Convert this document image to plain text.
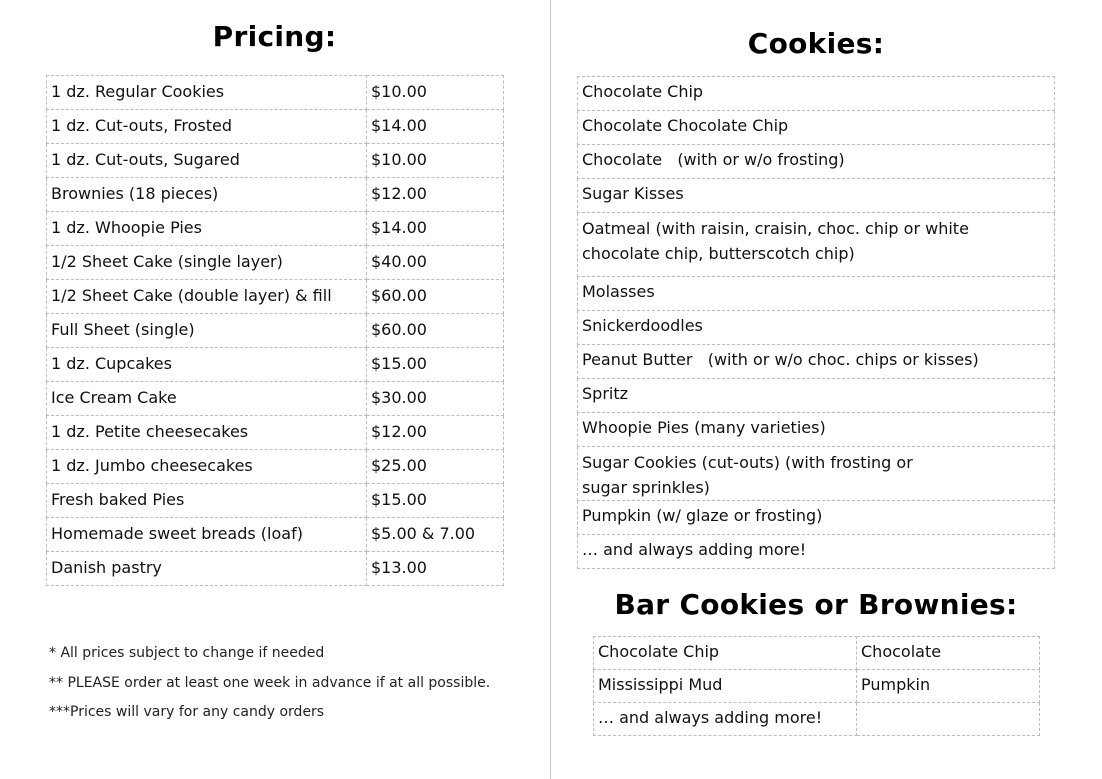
Pricing:
1 dz. Regular Cookies	$10.00
1 dz. Cut-outs, Frosted	$14.00
1 dz. Cut-outs, Sugared	$10.00
Brownies (18 pieces)	$12.00
1 dz. Whoopie Pies	$14.00
1/2 Sheet Cake (single layer)	$40.00
1/2 Sheet Cake (double layer) & fill	$60.00
Full Sheet (single)	$60.00
1 dz. Cupcakes	$15.00
Ice Cream Cake	$30.00
1 dz. Petite cheesecakes	$12.00
1 dz. Jumbo cheesecakes	$25.00
Fresh baked Pies	$15.00
Homemade sweet breads (loaf)	$5.00 & 7.00
Danish pastry	$13.00
* All prices subject to change if needed
** PLEASE order at least one week in advance if at all possible.
***Prices will vary for any candy orders
Cookies:
Chocolate Chip
Chocolate Chocolate Chip
Chocolate   (with or w/o frosting)
Sugar Kisses
Oatmeal (with raisin, craisin, choc. chip or white chocolate chip, butterscotch chip)
Molasses
Snickerdoodles
Peanut Butter   (with or w/o choc. chips or kisses)
Spritz
Whoopie Pies (many varieties)
Sugar Cookies (cut-outs) (with frosting or sugar sprinkles)
Pumpkin (w/ glaze or frosting)
… and always adding more!
Bar Cookies or Brownies:
Chocolate Chip	Chocolate
Mississippi Mud	Pumpkin
… and always adding more!	
